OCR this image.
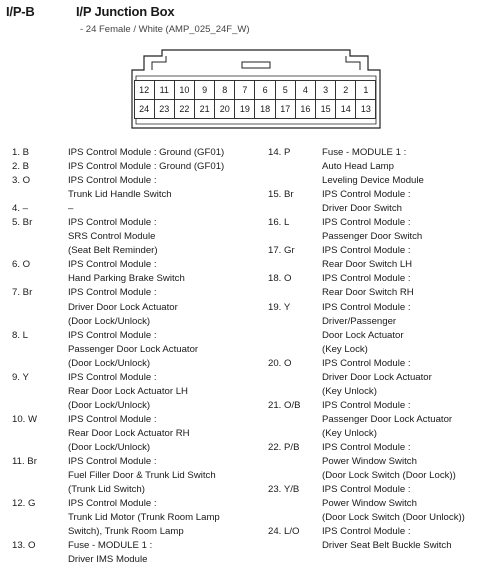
I/P-B	I/P Junction Box
- 24 Female / White (AMP_025_24F_W)
12	11	10	9	8	7	6	5	4	3	2	1
24	23	22	21	20	19	18	17	16	15	14	13
1. B	IPS Control Module : Ground (GF01)
2. B	IPS Control Module : Ground (GF01)
3. O	IPS Control Module :
Trunk Lid Handle Switch
4. –	–
5. Br	IPS Control Module :
SRS Control Module
(Seat Belt Reminder)
6. O	IPS Control Module :
Hand Parking Brake Switch
7. Br	IPS Control Module :
Driver Door Lock Actuator
(Door Lock/Unlock)
8. L	IPS Control Module :
Passenger Door Lock Actuator
(Door Lock/Unlock)
9. Y	IPS Control Module :
Rear Door Lock Actuator LH
(Door Lock/Unlock)
10. W	IPS Control Module :
Rear Door Lock Actuator RH
(Door Lock/Unlock)
11. Br	IPS Control Module :
Fuel Filler Door & Trunk Lid Switch
(Trunk Lid Switch)
12. G	IPS Control Module :
Trunk Lid Motor (Trunk Room Lamp
Switch), Trunk Room Lamp
13. O	Fuse - MODULE 1 :
Driver IMS Module
14. P	Fuse - MODULE 1 :
Auto Head Lamp
Leveling Device Module
15. Br	IPS Control Module :
Driver Door Switch
16. L	IPS Control Module :
Passenger Door Switch
17. Gr	IPS Control Module :
Rear Door Switch LH
18. O	IPS Control Module :
Rear Door Switch RH
19. Y	IPS Control Module :
Driver/Passenger
Door Lock Actuator
(Key Lock)
20. O	IPS Control Module :
Driver Door Lock Actuator
(Key Unlock)
21. O/B	IPS Control Module :
Passenger Door Lock Actuator
(Key Unlock)
22. P/B	IPS Control Module :
Power Window Switch
(Door Lock Switch (Door Lock))
23. Y/B	IPS Control Module :
Power Window Switch
(Door Lock Switch (Door Unlock))
24. L/O	IPS Control Module :
Driver Seat Belt Buckle Switch
